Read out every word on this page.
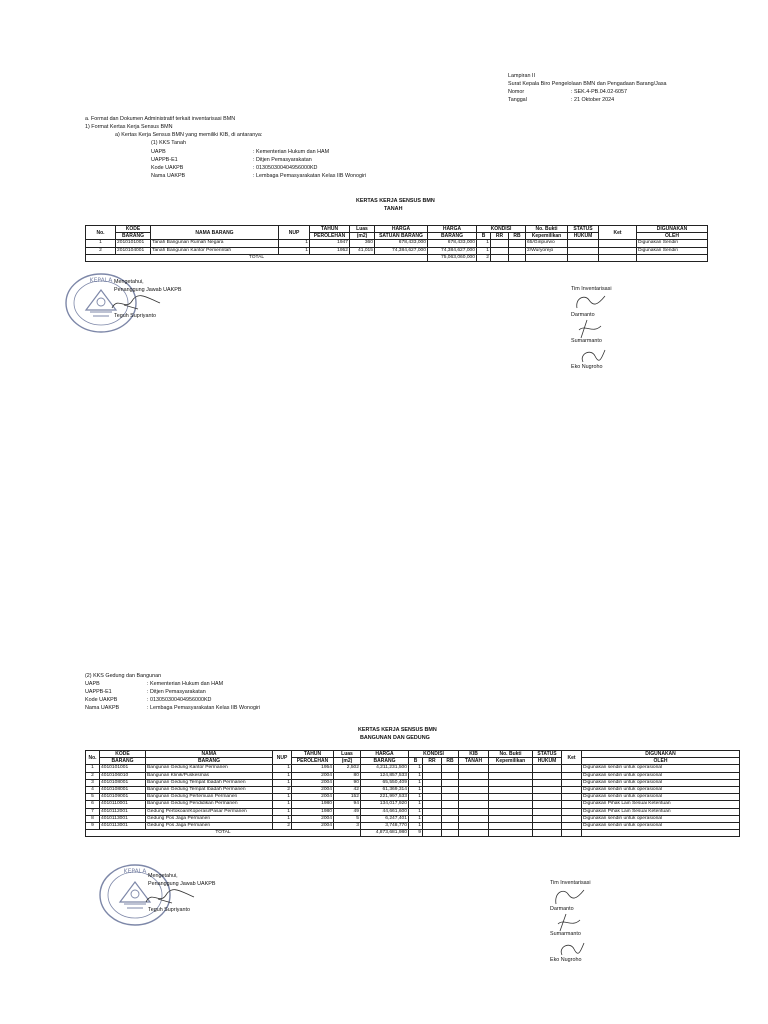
Lampiran II
Surat Kepala Biro Pengelolaan BMN dan Pengadaan Barang/Jasa
Nomor	: SEK.4-PB.04.02-6057
Tanggal	: 21 Oktober 2024
a. Format dan Dokumen Administratif terkait inventarisasi BMN
1) Format Kertas Kerja Sensus BMN
a) Kertas Kerja Sensus BMN yang memiliki KIB, di antaranya:
(1) KKS Tanah
UAPB	: Kementerian Hukum dan HAM
UAPPB-E1	: Ditjen Pemasyarakatan
Kode UAKPB	: 013050300404956000KD
Nama UAKPB	: Lembaga Pemasyarakatan Kelas IIB Wonogiri
KERTAS KERJA SENSUS BMN
TANAH
No.	KODE	NAMA BARANG	NUP	TAHUN	Luas	HARGA	HARGA	KONDISI			No. Bukti	STATUS	Ket	DIGUNAKAN
	BARANG			PEROLEHAN	(m2)	SATUAN BARANG	BARANG	B	RR	RB	Kepemilikan	HUKUM		OLEH
1	2010101001	Tanah Bangunan Rumah Negara	1	1947	360	678,433,000	678,433,000	1			65/Giripurwo			Digunakan Sendiri
2	2010104001	Tanah Bangunan Kantor Pemerintah	1	1952	41,015	74,384,627,000	74,384,627,000	1			2/Wuryorejo			Digunakan Sendiri
TOTAL							75,063,060,000	2						
KEPALA Mengetahui,
Penanggung Jawab UAKPB
Teguh Supriyanto
Tim Inventarisasi
Darmanto
Sumarmanto
Eko Nugroho
(2) KKS Gedung dan Bangunan
UAPB	: Kementerian Hukum dan HAM
UAPPB-E1	: Ditjen Pemasyarakatan
Kode UAKPB	: 013050300404956000KD
Nama UAKPB	: Lembaga Pemasyarakatan Kelas IIB Wonogiri
KERTAS KERJA SENSUS BMN
BANGUNAN DAN GEDUNG
No.	KODE	NAMA	NUP	TAHUN	Luas	HARGA	KONDISI			KIB	No. Bukti	STATUS	Ket	DIGUNAKAN
	BARANG	BARANG		PEROLEHAN	(m2)	BARANG	B	RR	RB	TANAH	Kepemilikan	HUKUM		OLEH
1	4010101001	Bangunan Gedung Kantor Permanen	1	1954	2,502	4,211,231,500	1							Digunakan sendiri untuk operasional
2	4010106010	Bangunan Klinik/Puskesmas	1	2004	80	124,857,533	1							Digunakan sendiri untuk operasional
3	4010108001	Bangunan Gedung Tempat Ibadah Permanen	1	2004	90	65,550,409	1							Digunakan sendiri untuk operasional
4	4010108001	Bangunan Gedung Tempat Ibadah Permanen	2	2004	42	61,369,314	1							Digunakan sendiri untuk operasional
5	4010109001	Bangunan Gedung Pertemuan Permanen	1	2004	152	221,997,533	1							Digunakan sendiri untuk operasional
6	4010110001	Bangunan Gedung Pendidikan Permanen	1	1980	94	134,017,920	1							Digunakan Pihak Lain Sesuai Ketentuan
7	4010112001	Gedung Pertokoan/Koperasi/Pasar Permanen	1	1980	49	44,661,600	1							Digunakan Pihak Lain Sesuai Ketentuan
8	4010113001	Gedung Pos Jaga Permanen	1	2004	5	6,247,401	1							Digunakan sendiri untuk operasional
9	4010113001	Gedung Pos Jaga Permanen	2	2004	3	3,748,770	1							Digunakan sendiri untuk operasional
TOTAL						4,873,681,980	9							
KEPALA
Mengetahui,
Penanggung Jawab UAKPB
Teguh Supriyanto
Tim Inventarisasi
Darmanto
Sumarmanto
Eko Nugroho
